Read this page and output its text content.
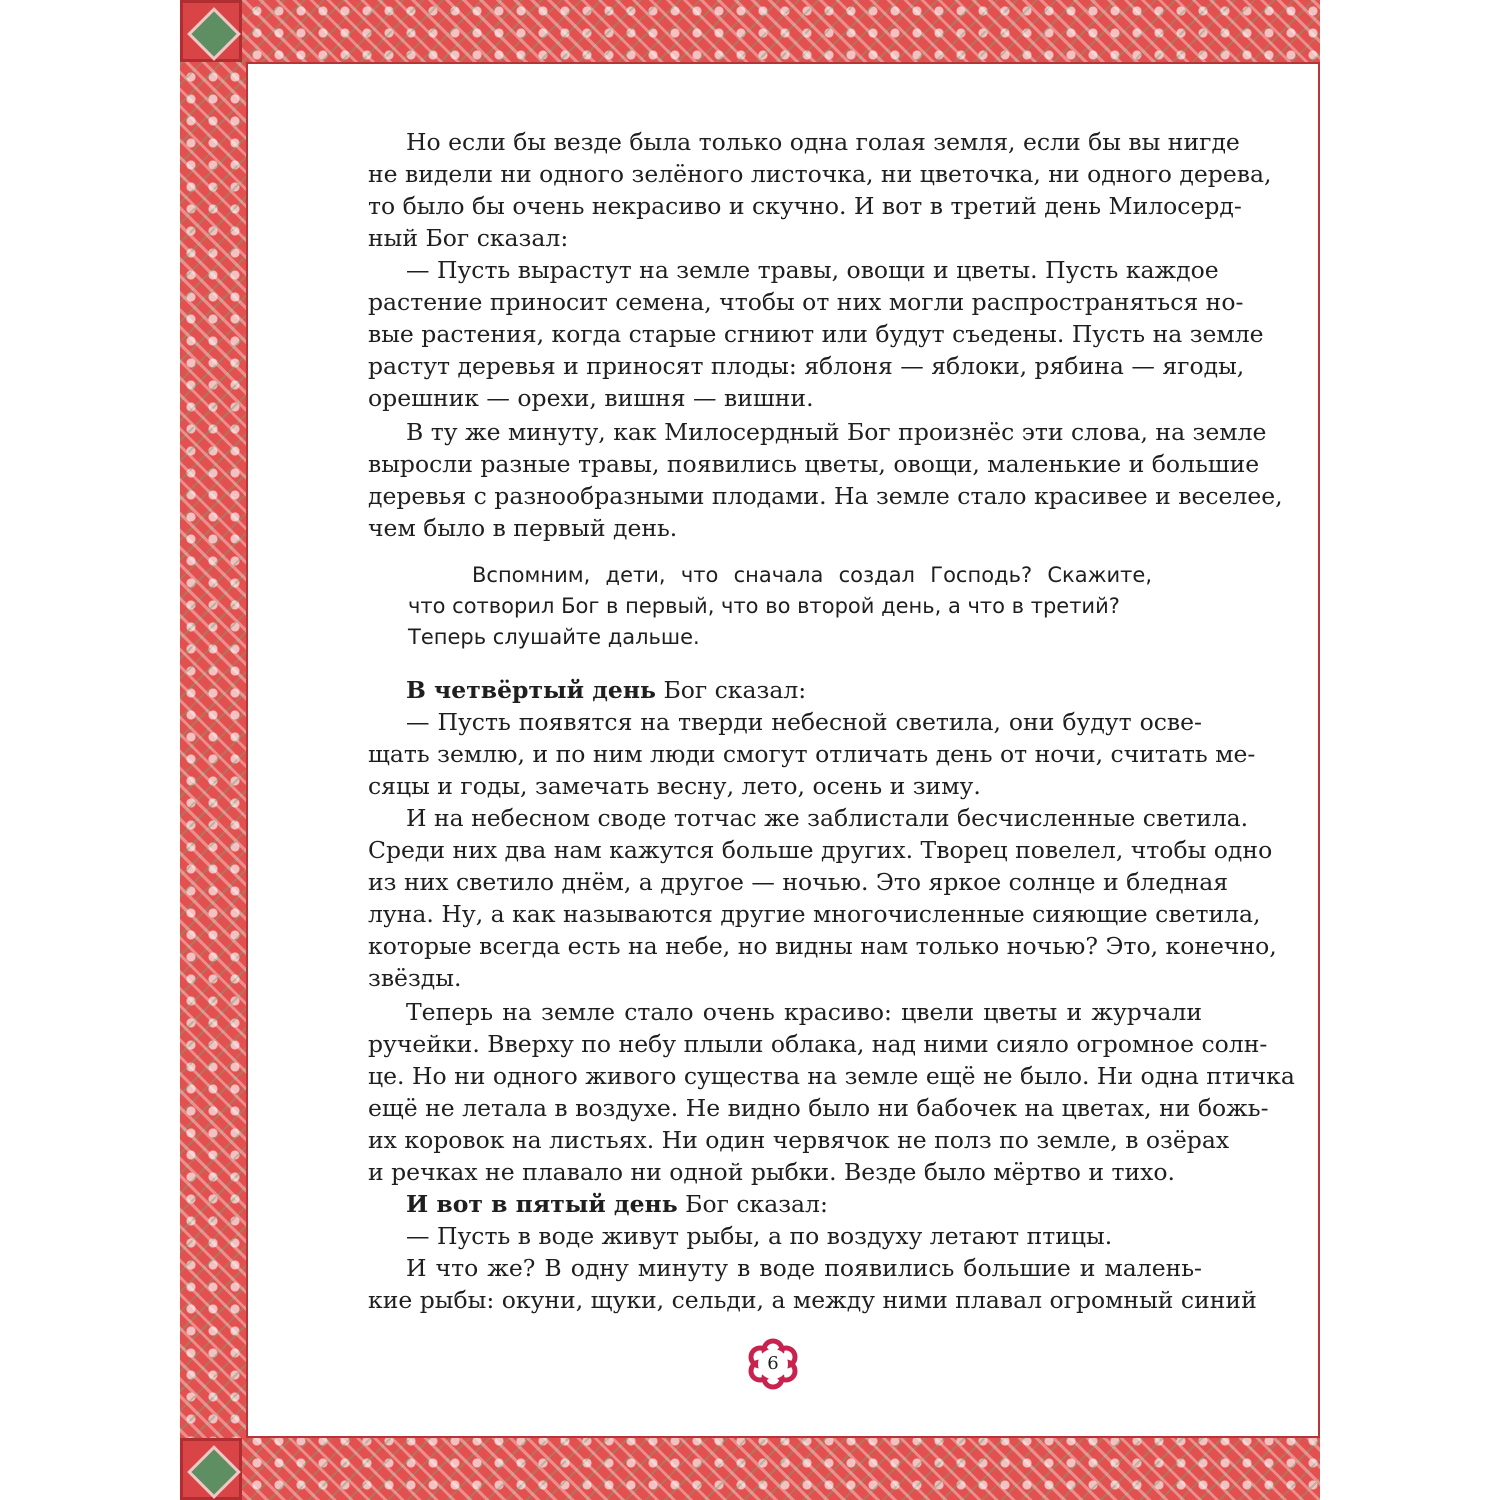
Но если бы везде была только одна голая земля, если бы вы нигде
не видели ни одного зелёного листочка, ни цветочка, ни одного дерева,
то было бы очень некрасиво и скучно. И вот в третий день Милосерд-
ный Бог сказал:
— Пусть вырастут на земле травы, овощи и цветы. Пусть каждое
растение приносит семена, чтобы от них могли распространяться но-
вые растения, когда старые сгниют или будут съедены. Пусть на земле
растут деревья и приносят плоды: яблоня — яблоки, рябина — ягоды,
орешник — орехи, вишня — вишни.
В ту же минуту, как Милосердный Бог произнёс эти слова, на земле
выросли разные травы, появились цветы, овощи, маленькие и большие
деревья с разнообразными плодами. На земле стало красивее и веселее,
чем было в первый день.
Вспомним, дети, что сначала создал Господь? Скажите,
что сотворил Бог в первый, что во второй день, а что в третий?
Теперь слушайте дальше.
В четвёртый день Бог сказал:
— Пусть появятся на тверди небесной светила, они будут осве-
щать землю, и по ним люди смогут отличать день от ночи, считать ме-
сяцы и годы, замечать весну, лето, осень и зиму.
И на небесном своде тотчас же заблистали бесчисленные светила.
Среди них два нам кажутся больше других. Творец повелел, чтобы одно
из них светило днём, а другое — ночью. Это яркое солнце и бледная
луна. Ну, а как называются другие многочисленные сияющие светила,
которые всегда есть на небе, но видны нам только ночью? Это, конечно,
звёзды.
Теперь на земле стало очень красиво: цвели цветы и журчали
ручейки. Вверху по небу плыли облака, над ними сияло огромное солн-
це. Но ни одного живого существа на земле ещё не было. Ни одна птичка
ещё не летала в воздухе. Не видно было ни бабочек на цветах, ни божь-
их коровок на листьях. Ни один червячок не полз по земле, в озёрах
и речках не плавало ни одной рыбки. Везде было мёртво и тихо.
И вот в пятый день Бог сказал:
— Пусть в воде живут рыбы, а по воздуху летают птицы.
И что же? В одну минуту в воде появились большие и малень-
кие рыбы: окуни, щуки, сельди, а между ними плавал огромный синий
6
